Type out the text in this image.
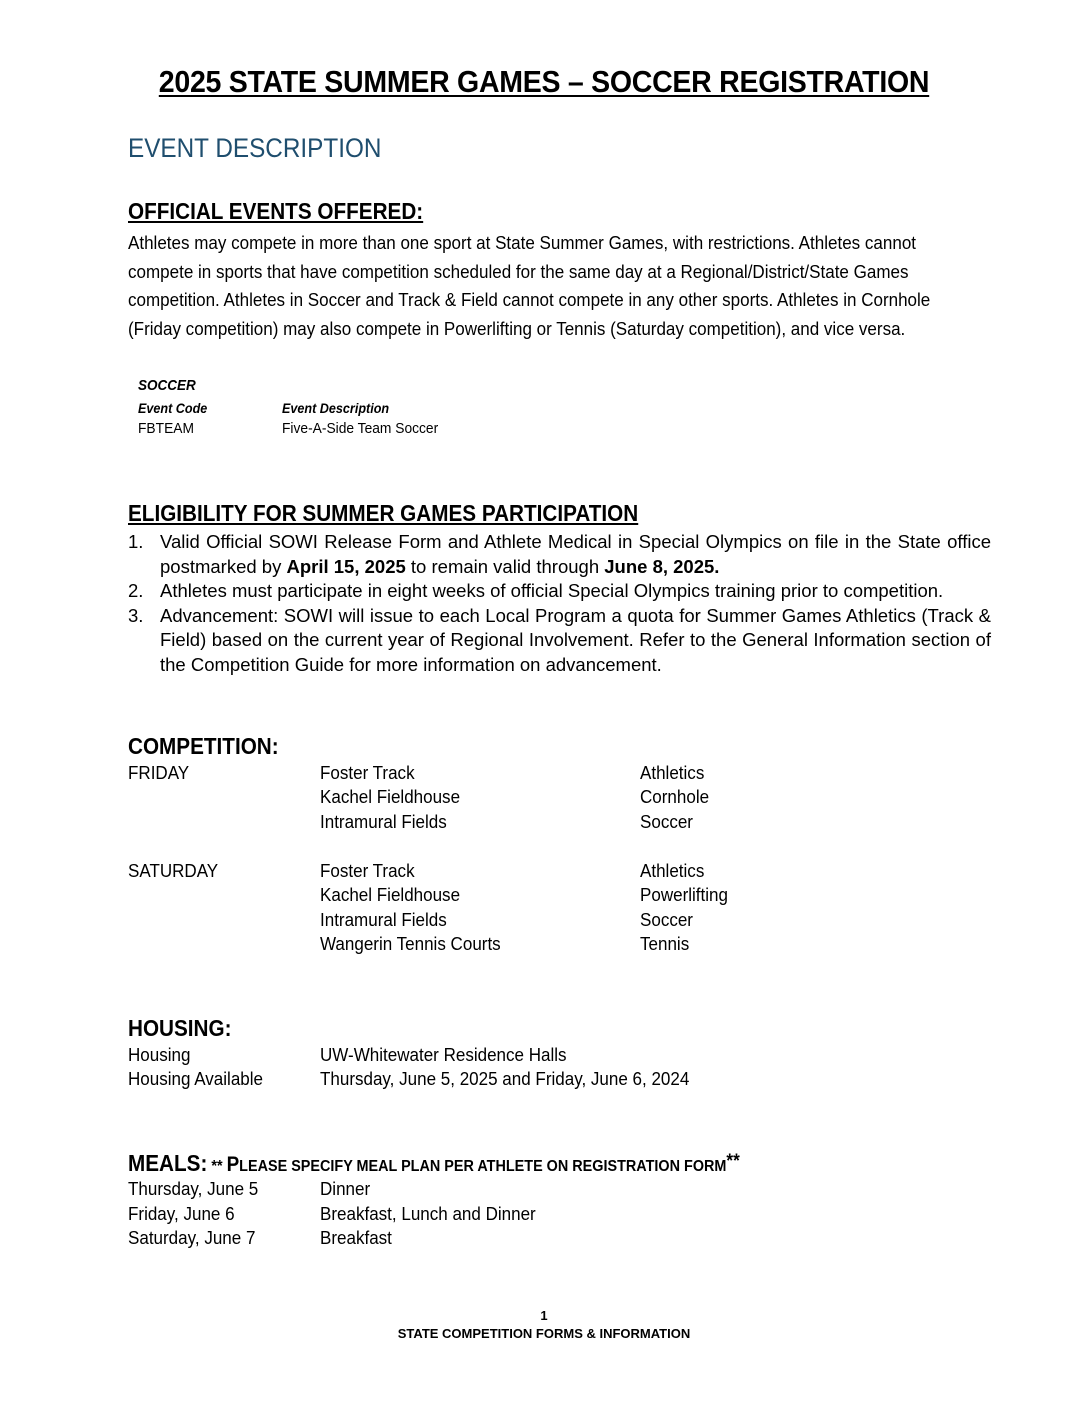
2025 STATE SUMMER GAMES – SOCCER REGISTRATION
EVENT DESCRIPTION
OFFICIAL EVENTS OFFERED:
Athletes may compete in more than one sport at State Summer Games, with restrictions. Athletes cannot compete in sports that have competition scheduled for the same day at a Regional/District/State Games competition. Athletes in Soccer and Track & Field cannot compete in any other sports. Athletes in Cornhole (Friday competition) may also compete in Powerlifting or Tennis (Saturday competition), and vice versa.
SOCCER
Event Code	Event Description
FBTEAM	Five-A-Side Team Soccer
ELIGIBILITY FOR SUMMER GAMES PARTICIPATION
1. Valid Official SOWI Release Form and Athlete Medical in Special Olympics on file in the State office postmarked by April 15, 2025 to remain valid through June 8, 2025.
2. Athletes must participate in eight weeks of official Special Olympics training prior to competition.
3. Advancement: SOWI will issue to each Local Program a quota for Summer Games Athletics (Track & Field) based on the current year of Regional Involvement. Refer to the General Information section of the Competition Guide for more information on advancement.
COMPETITION:
FRIDAY	Foster Track	Athletics
Kachel Fieldhouse	Cornhole
Intramural Fields	Soccer
SATURDAY	Foster Track	Athletics
Kachel Fieldhouse	Powerlifting
Intramural Fields	Soccer
Wangerin Tennis Courts	Tennis
HOUSING:
Housing	UW-Whitewater Residence Halls
Housing Available	Thursday, June 5, 2025 and Friday, June 6, 2024
MEALS: ** PLEASE SPECIFY MEAL PLAN PER ATHLETE ON REGISTRATION FORM**
Thursday, June 5	Dinner
Friday, June 6	Breakfast, Lunch and Dinner
Saturday, June 7	Breakfast
1
STATE COMPETITION FORMS & INFORMATION
